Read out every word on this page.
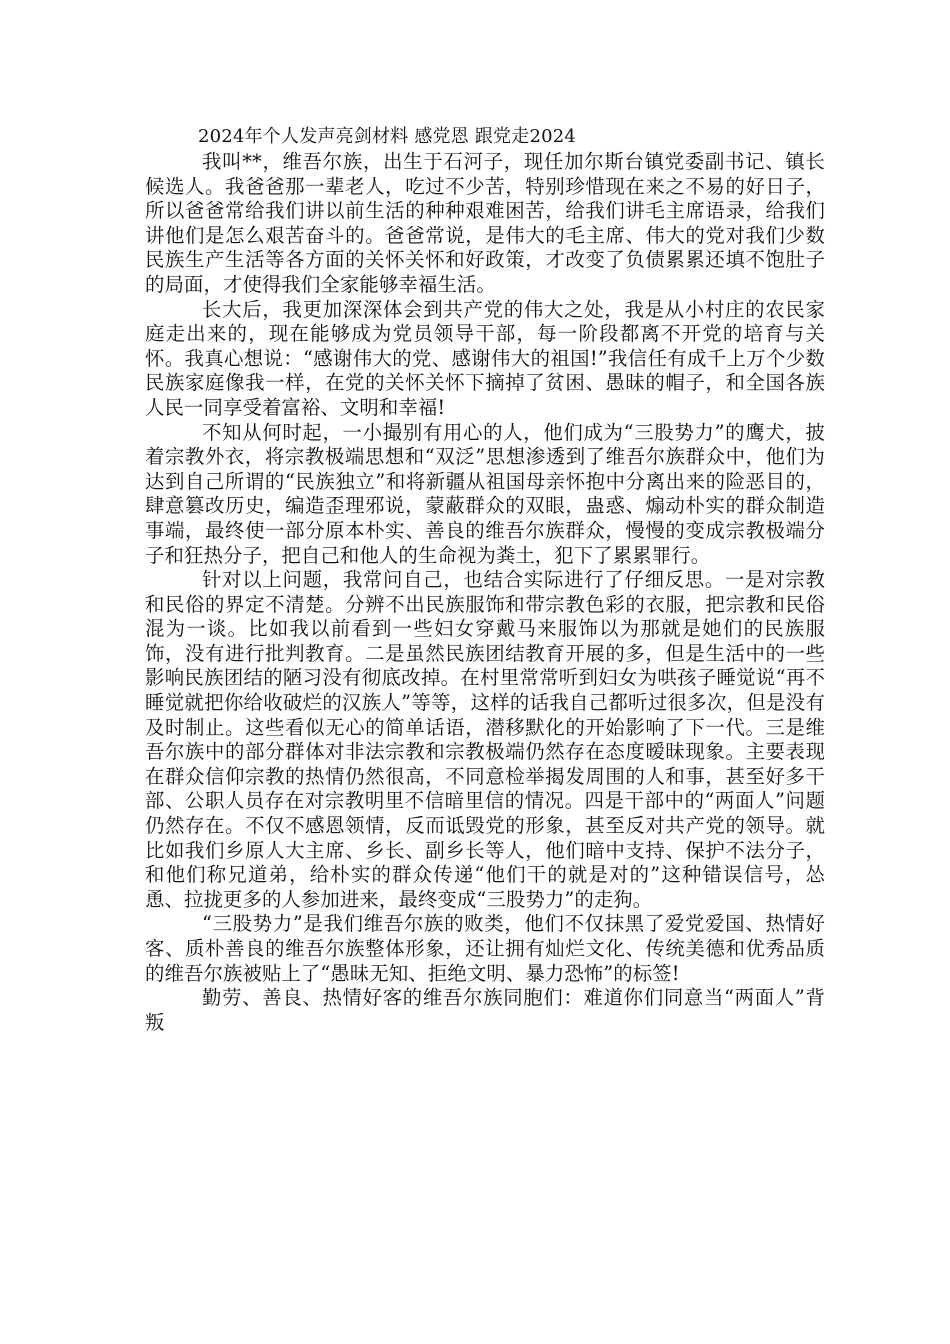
2024年个人发声亮剑材料 感党恩 跟党走2024

我叫**，维吾尔族，出生于石河子，现任加尔斯台镇党委副书记、镇长候选人。我爸爸那一辈老人，吃过不少苦，特别珍惜现在来之不易的好日子，所以爸爸常给我们讲以前生活的种种艰难困苦，给我们讲毛主席语录，给我们讲他们是怎么艰苦奋斗的。爸爸常说，是伟大的毛主席、伟大的党对我们少数民族生产生活等各方面的关怀关怀和好政策，才改变了负债累累还填不饱肚子的局面，才使得我们全家能够幸福生活。

长大后，我更加深深体会到共产党的伟大之处，我是从小村庄的农民家庭走出来的，现在能够成为党员领导干部，每一阶段都离不开党的培育与关怀。我真心想说：“感谢伟大的党、感谢伟大的祖国!”我信任有成千上万个少数民族家庭像我一样，在党的关怀关怀下摘掉了贫困、愚昧的帽子，和全国各族人民一同享受着富裕、文明和幸福!

不知从何时起，一小撮别有用心的人，他们成为“三股势力”的鹰犬，披着宗教外衣，将宗教极端思想和“双泛”思想渗透到了维吾尔族群众中，他们为达到自己所谓的“民族独立”和将新疆从祖国母亲怀抱中分离出来的险恶目的，肆意篡改历史，编造歪理邪说，蒙蔽群众的双眼，蛊惑、煽动朴实的群众制造事端，最终使一部分原本朴实、善良的维吾尔族群众，慢慢的变成宗教极端分子和狂热分子，把自己和他人的生命视为粪土，犯下了累累罪行。

针对以上问题，我常问自己，也结合实际进行了仔细反思。一是对宗教和民俗的界定不清楚。分辨不出民族服饰和带宗教色彩的衣服，把宗教和民俗混为一谈。比如我以前看到一些妇女穿戴马来服饰以为那就是她们的民族服饰，没有进行批判教育。二是虽然民族团结教育开展的多，但是生活中的一些影响民族团结的陋习没有彻底改掉。在村里常常听到妇女为哄孩子睡觉说“再不睡觉就把你给收破烂的汉族人”等等，这样的话我自己都听过很多次，但是没有及时制止。这些看似无心的简单话语，潜移默化的开始影响了下一代。三是维吾尔族中的部分群体对非法宗教和宗教极端仍然存在态度暧昧现象。主要表现在群众信仰宗教的热情仍然很高，不同意检举揭发周围的人和事，甚至好多干部、公职人员存在对宗教明里不信暗里信的情况。四是干部中的“两面人”问题仍然存在。不仅不感恩领情，反而诋毁党的形象，甚至反对共产党的领导。就比如我们乡原人大主席、乡长、副乡长等人，他们暗中支持、保护不法分子，和他们称兄道弟，给朴实的群众传递“他们干的就是对的”这种错误信号，怂恿、拉拢更多的人参加进来，最终变成“三股势力”的走狗。

“三股势力”是我们维吾尔族的败类，他们不仅抹黑了爱党爱国、热情好客、质朴善良的维吾尔族整体形象，还让拥有灿烂文化、传统美德和优秀品质的维吾尔族被贴上了“愚昧无知、拒绝文明、暴力恐怖”的标签!

勤劳、善良、热情好客的维吾尔族同胞们：难道你们同意当“两面人”背叛
